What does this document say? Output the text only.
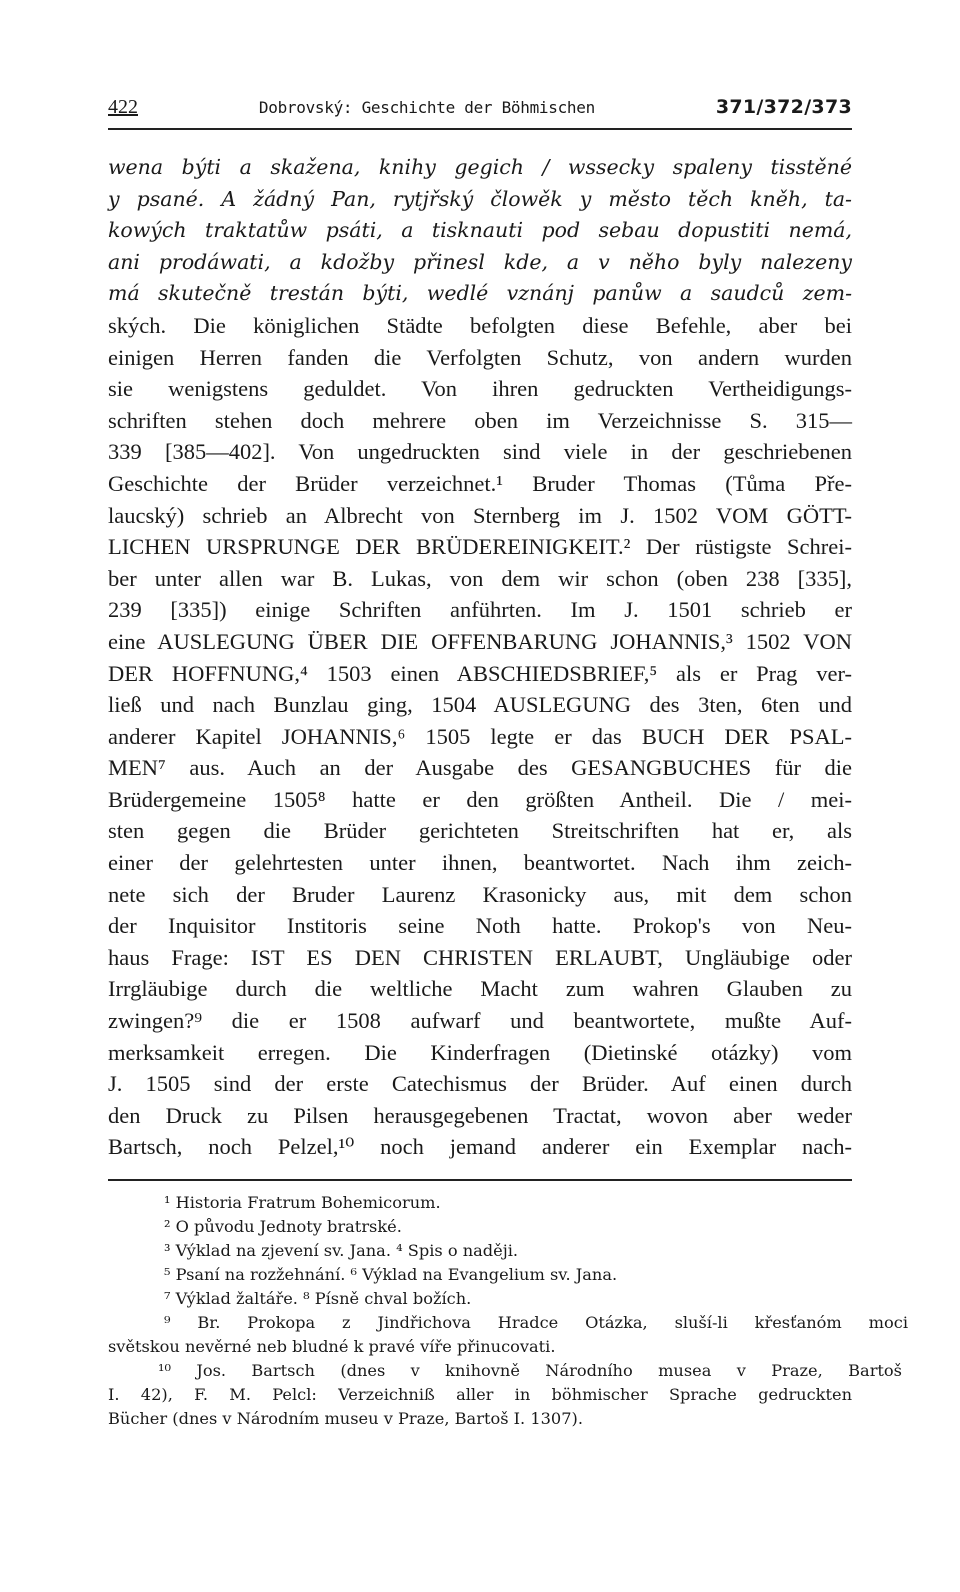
422	Dobrovský: Geschichte der Böhmischen	371/372/373
wena býti a skažena, knihy gegich / wssecky spaleny tisstěné
y psané. A žádný Pan, rytjřský člowěk y město těch kněh, ta-
kowých traktatůw psáti, a tisknauti pod sebau dopustiti nemá,
ani prodáwati, a kdožby přinesl kde, a v něho byly nalezeny
má skutečně trestán býti, wedlé vznánj panůw a saudců zem-
ských. Die königlichen Städte befolgten diese Befehle, aber bei
einigen Herren fanden die Verfolgten Schutz, von andern wurden
sie wenigstens geduldet. Von ihren gedruckten Vertheidigungs-
schriften stehen doch mehrere oben im Verzeichnisse S. 315—
339 [385—402]. Von ungedruckten sind viele in der geschriebenen
Geschichte der Brüder verzeichnet.¹ Bruder Thomas (Tůma Pře-
laucský) schrieb an Albrecht von Sternberg im J. 1502 VOM GÖTT-
LICHEN URSPRUNGE DER BRÜDEREINIGKEIT.² Der rüstigste Schrei-
ber unter allen war B. Lukas, von dem wir schon (oben 238 [335],
239 [335]) einige Schriften anführten. Im J. 1501 schrieb er
eine AUSLEGUNG ÜBER DIE OFFENBARUNG JOHANNIS,³ 1502 VON
DER HOFFNUNG,⁴ 1503 einen ABSCHIEDSBRIEF,⁵ als er Prag ver-
ließ und nach Bunzlau ging, 1504 AUSLEGUNG des 3ten, 6ten und
anderer Kapitel JOHANNIS,⁶ 1505 legte er das BUCH DER PSAL-
MEN⁷ aus. Auch an der Ausgabe des GESANGBUCHES für die
Brüdergemeine 1505⁸ hatte er den größten Antheil. Die / mei-
sten gegen die Brüder gerichteten Streitschriften hat er, als
einer der gelehrtesten unter ihnen, beantwortet. Nach ihm zeich-
nete sich der Bruder Laurenz Krasonicky aus, mit dem schon
der Inquisitor Institoris seine Noth hatte. Prokop's von Neu-
haus Frage: IST ES DEN CHRISTEN ERLAUBT, Ungläubige oder
Irrgläubige durch die weltliche Macht zum wahren Glauben zu
zwingen?⁹ die er 1508 aufwarf und beantwortete, mußte Auf-
merksamkeit erregen. Die Kinderfragen (Dietinské otázky) vom
J. 1505 sind der erste Catechismus der Brüder. Auf einen durch
den Druck zu Pilsen herausgegebenen Tractat, wovon aber weder
Bartsch, noch Pelzel,¹⁰ noch jemand anderer ein Exemplar nach-
¹ Historia Fratrum Bohemicorum.
² O původu Jednoty bratrské.
³ Výklad na zjevení sv. Jana. ⁴ Spis o naději.
⁵ Psaní na rozžehnání. ⁶ Výklad na Evangelium sv. Jana.
⁷ Výklad žaltáře. ⁸ Písně chval božích.
⁹ Br. Prokopa z Jindřichova Hradce Otázka, sluší-li křesťanóm moci
světskou nevěrné neb bludné k pravé víře přinucovati.
¹⁰ Jos. Bartsch (dnes v knihovně Národního musea v Praze, Bartoš
I. 42), F. M. Pelcl: Verzeichniß aller in böhmischer Sprache gedruckten
Bücher (dnes v Národním museu v Praze, Bartoš I. 1307).
